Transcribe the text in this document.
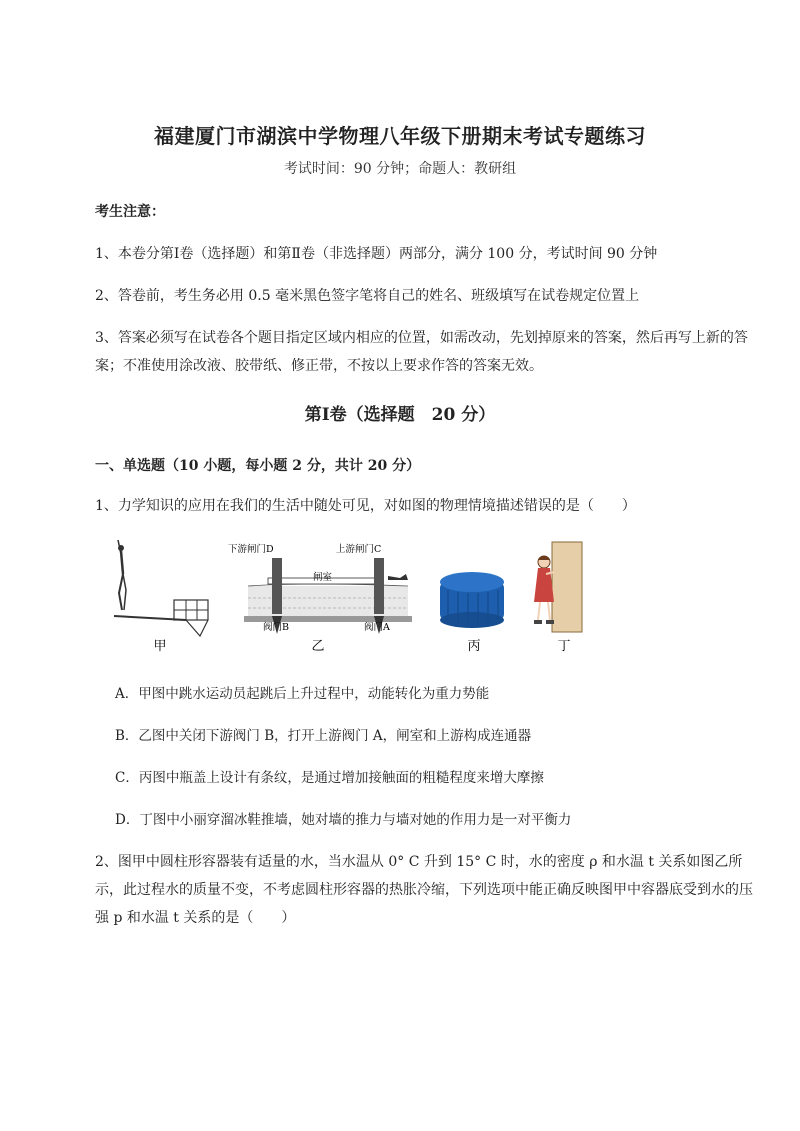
福建厦门市湖滨中学物理八年级下册期末考试专题练习
考试时间：90 分钟；命题人：教研组
考生注意：
1、本卷分第Ⅰ卷（选择题）和第Ⅱ卷（非选择题）两部分，满分 100 分，考试时间 90 分钟
2、答卷前，考生务必用 0.5 毫米黑色签字笔将自己的姓名、班级填写在试卷规定位置上
3、答案必须写在试卷各个题目指定区域内相应的位置，如需改动，先划掉原来的答案，然后再写上新的答案；不准使用涂改液、胶带纸、修正带，不按以上要求作答的答案无效。
第Ⅰ卷（选择题　20 分）
一、单选题（10 小题，每小题 2 分，共计 20 分）
1、力学知识的应用在我们的生活中随处可见，对如图的物理情境描述错误的是（　　）
甲
下游闸门D	上游闸门C
闸室
阀门B	阀门A
乙	丙	丁
A．甲图中跳水运动员起跳后上升过程中，动能转化为重力势能
B．乙图中关闭下游阀门 B，打开上游阀门 A，闸室和上游构成连通器
C．丙图中瓶盖上设计有条纹，是通过增加接触面的粗糙程度来增大摩擦
D．丁图中小丽穿溜冰鞋推墙，她对墙的推力与墙对她的作用力是一对平衡力
2、图甲中圆柱形容器装有适量的水，当水温从 0° C 升到 15° C 时，水的密度 ρ 和水温 t 关系如图乙所示，此过程水的质量不变，不考虑圆柱形容器的热胀冷缩，下列选项中能正确反映图甲中容器底受到水的压强 p 和水温 t 关系的是（　　）
